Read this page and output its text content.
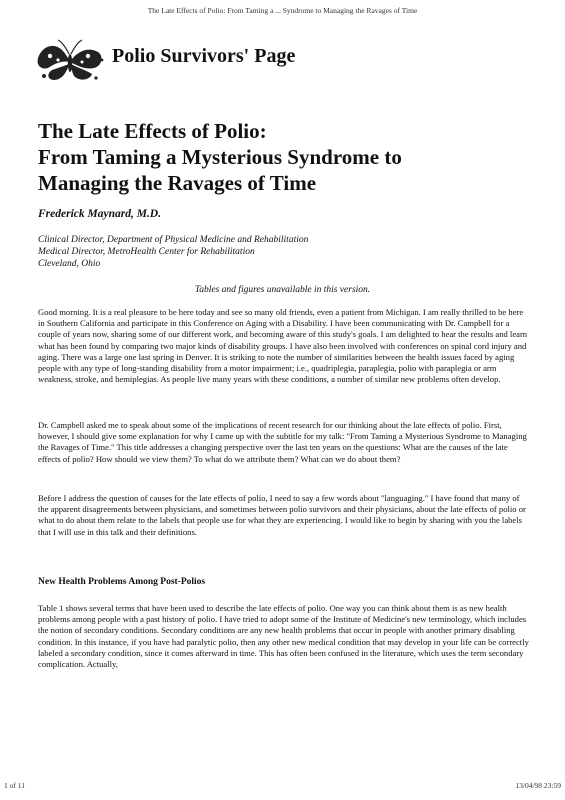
The Late Effects of Polio: From Taming a ... Syndrome to Managing the Ravages of Time
Polio Survivors' Page

The Late Effects of Polio:

From Taming a Mysterious Syndrome to

Managing the Ravages of Time

Frederick Maynard, M.D.
Clinical Director, Department of Physical Medicine and Rehabilitation
Medical Director, MetroHealth Center for Rehabilitation
Cleveland, Ohio
Tables and figures unavailable in this version.

Good morning. It is a real pleasure to be here today and see so many old friends, even a patient from Michigan. I am really thrilled to be here in Southern California and participate in this Conference on Aging with a Disability. I have been communicating with Dr. Campbell for a couple of years now, sharing some of our different work, and becoming aware of this study's goals. I am delighted to hear the results and learn what has been found by comparing two major kinds of disability groups. I have also been involved with conferences on spinal cord injury and aging. There was a large one last spring in Denver. It is striking to note the number of similarities between the health issues faced by aging people with any type of long-standing disability from a motor impairment; i.e., quadriplegia, paraplegia, polio with paraplegia or arm weakness, stroke, and hemiplegias. As people live many years with these conditions, a number of similar new problems often develop.

Dr. Campbell asked me to speak about some of the implications of recent research for our thinking about the late effects of polio. First, however, I should give some explanation for why I came up with the subtitle for my talk: "From Taming a Mysterious Syndrome to Managing the Ravages of Time." This title addresses a changing perspective over the last ten years on the questions: What are the causes of the late effects of polio? How should we view them? To what do we attribute them? What can we do about them?

Before I address the question of causes for the late effects of polio, I need to say a few words about "languaging." I have found that many of the apparent disagreements between physicians, and sometimes between polio survivors and their physicians, about the late effects of polio or what to do about them relate to the labels that people use for what they are experiencing. I would like to begin by sharing with you the labels that I will use in this talk and their definitions.

New Health Problems Among Post-Polios

Table 1 shows several terms that have been used to describe the late effects of polio. One way you can think about them is as new health problems among people with a past history of polio. I have tried to adopt some of the Institute of Medicine's new terminology, which includes the notion of secondary conditions. Secondary conditions are any new health problems that occur in people with another primary disabling condition. In this instance, if you have had paralytic polio, then any other new medical condition that may develop in your life can be correctly labeled a secondary condition, since it comes afterward in time. This has often been confused in the literature, which uses the term secondary complication. Actually,

1 of 11	13/04/98 23:59
